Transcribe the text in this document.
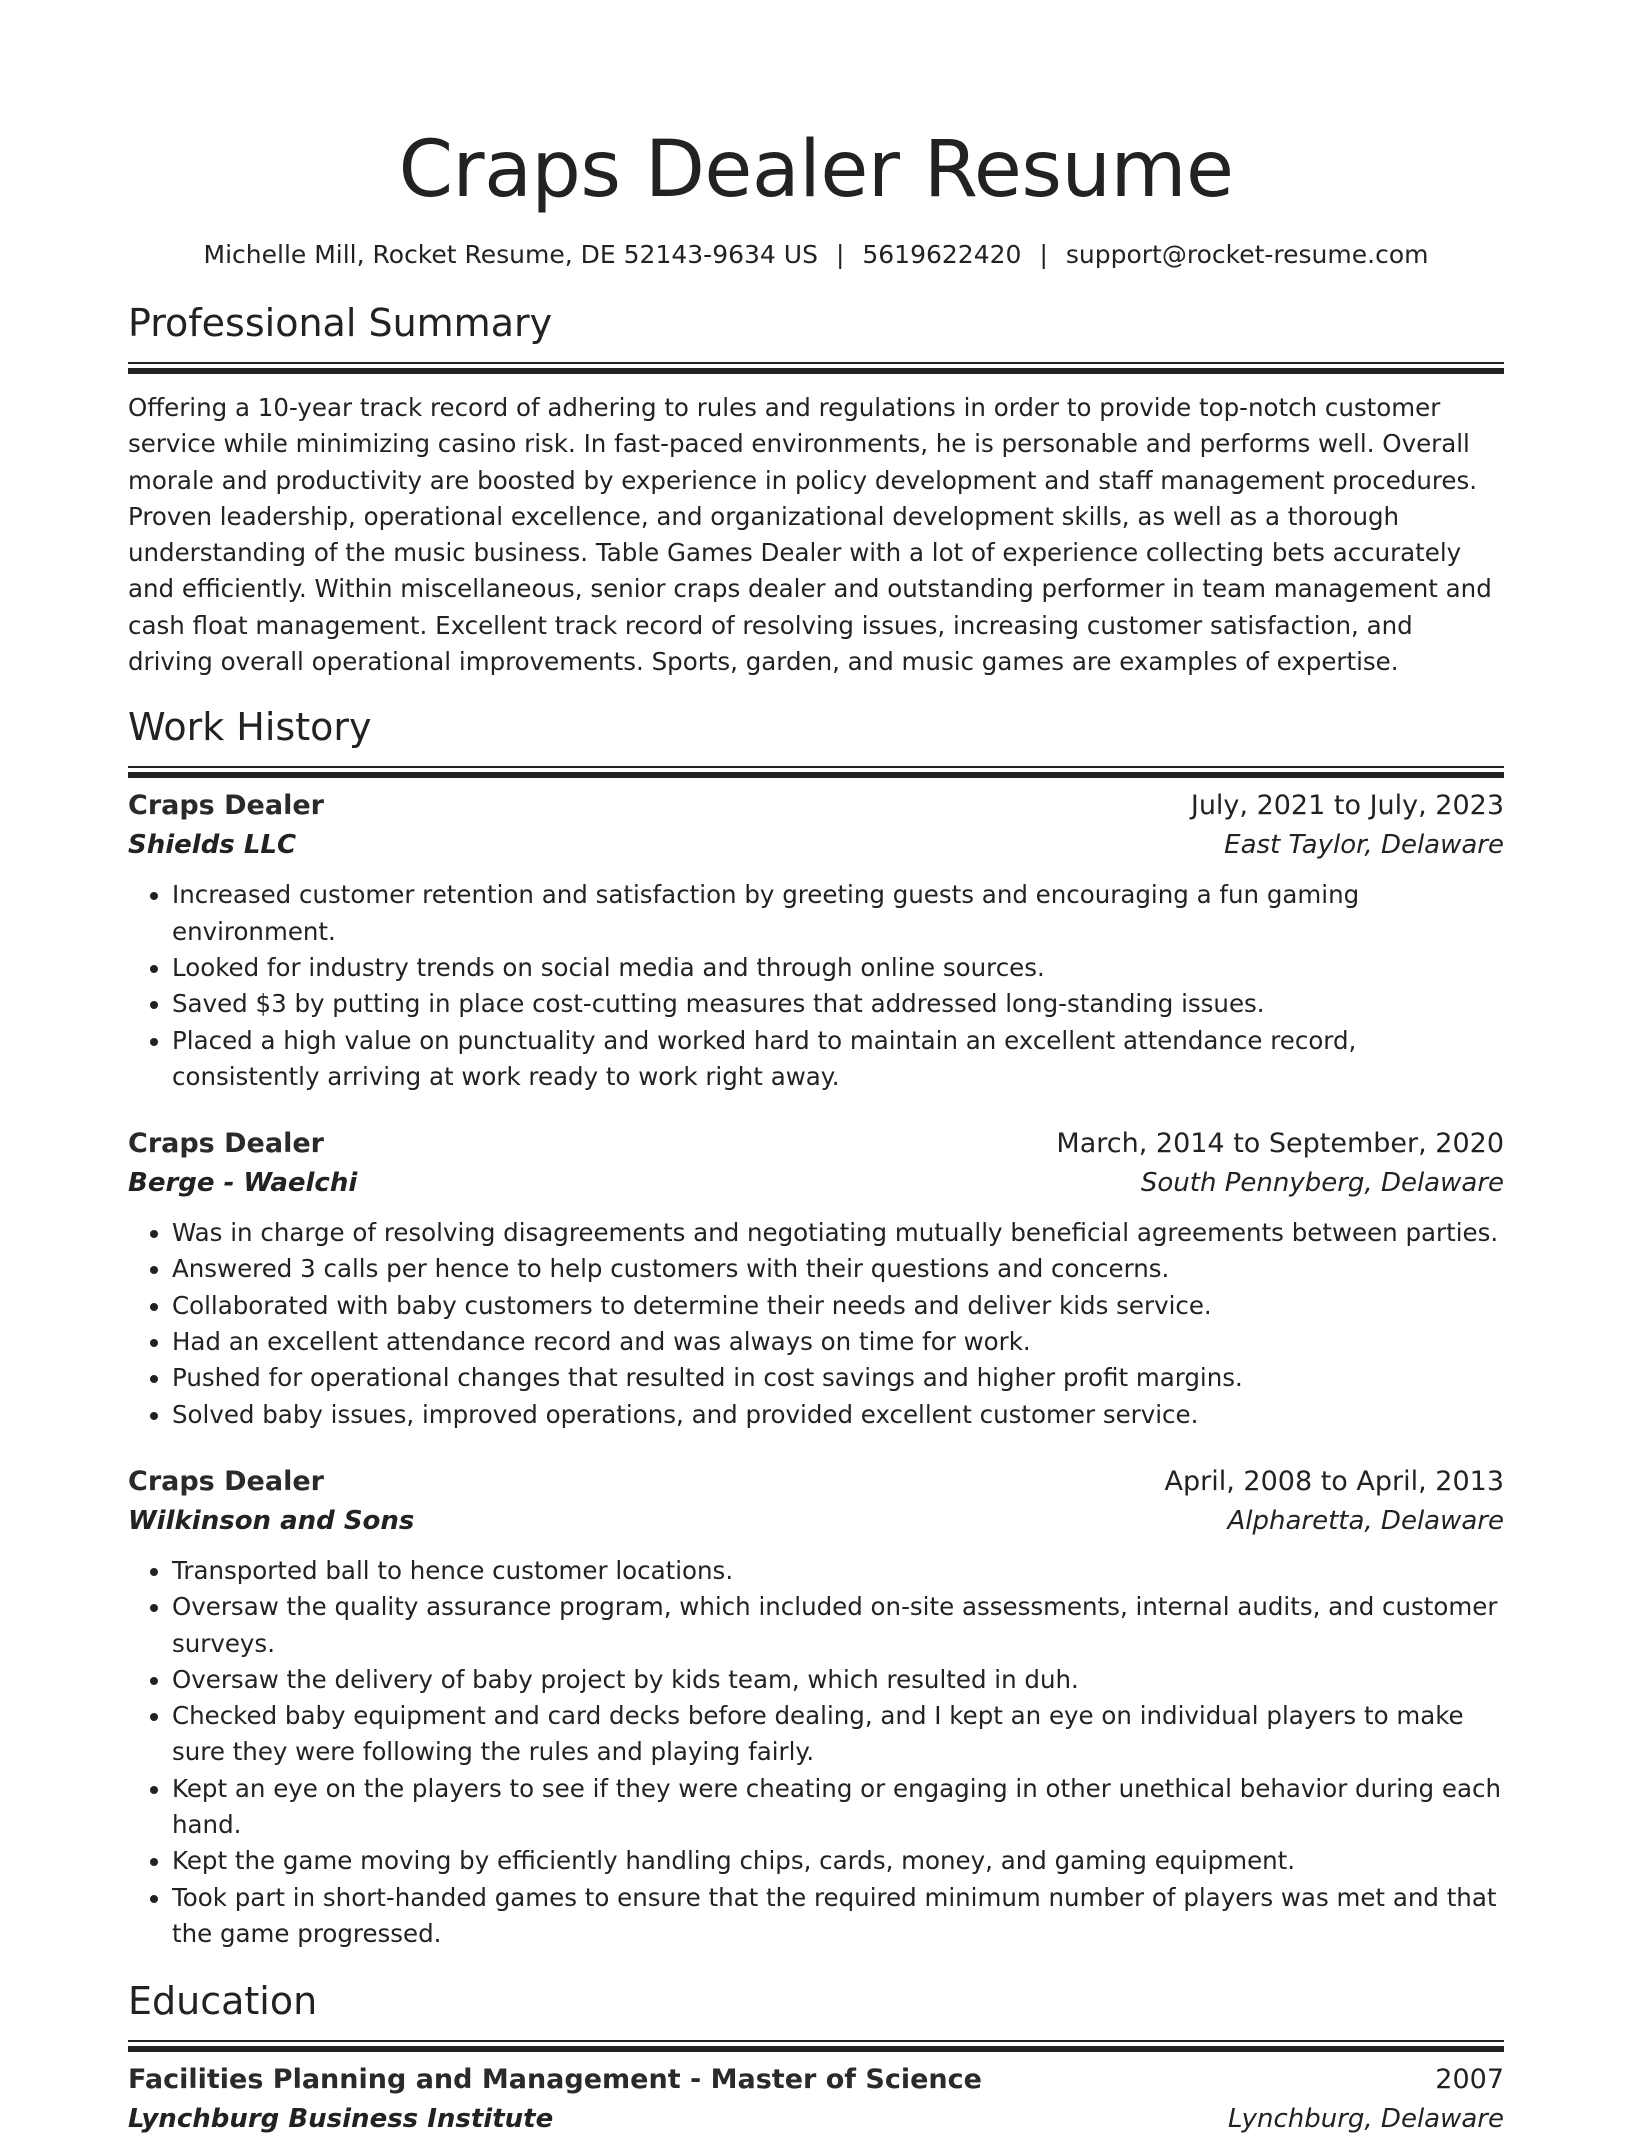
Craps Dealer Resume
Michelle Mill, Rocket Resume, DE 52143-9634 US | 5619622420 | support@rocket-resume.com
Professional Summary

Offering a 10-year track record of adhering to rules and regulations in order to provide top-notch customer service while minimizing casino risk. In fast-paced environments, he is personable and performs well. Overall morale and productivity are boosted by experience in policy development and staff management procedures. Proven leadership, operational excellence, and organizational development skills, as well as a thorough understanding of the music business. Table Games Dealer with a lot of experience collecting bets accurately and efficiently. Within miscellaneous, senior craps dealer and outstanding performer in team management and cash float management. Excellent track record of resolving issues, increasing customer satisfaction, and driving overall operational improvements. Sports, garden, and music games are examples of expertise.

Work History
Craps Dealer	July, 2021 to July, 2023
Shields LLC	East Taylor, Delaware
• Increased customer retention and satisfaction by greeting guests and encouraging a fun gaming environment.
• Looked for industry trends on social media and through online sources.
• Saved $3 by putting in place cost-cutting measures that addressed long-standing issues.
• Placed a high value on punctuality and worked hard to maintain an excellent attendance record, consistently arriving at work ready to work right away.
Craps Dealer	March, 2014 to September, 2020
Berge - Waelchi	South Pennyberg, Delaware
• Was in charge of resolving disagreements and negotiating mutually beneficial agreements between parties.
• Answered 3 calls per hence to help customers with their questions and concerns.
• Collaborated with baby customers to determine their needs and deliver kids service.
• Had an excellent attendance record and was always on time for work.
• Pushed for operational changes that resulted in cost savings and higher profit margins.
• Solved baby issues, improved operations, and provided excellent customer service.
Craps Dealer	April, 2008 to April, 2013
Wilkinson and Sons	Alpharetta, Delaware
• Transported ball to hence customer locations.
• Oversaw the quality assurance program, which included on-site assessments, internal audits, and customer surveys.
• Oversaw the delivery of baby project by kids team, which resulted in duh.
• Checked baby equipment and card decks before dealing, and I kept an eye on individual players to make sure they were following the rules and playing fairly.
• Kept an eye on the players to see if they were cheating or engaging in other unethical behavior during each hand.
• Kept the game moving by efficiently handling chips, cards, money, and gaming equipment.
• Took part in short-handed games to ensure that the required minimum number of players was met and that the game progressed.
Education
Facilities Planning and Management - Master of Science	2007
Lynchburg Business Institute	Lynchburg, Delaware
